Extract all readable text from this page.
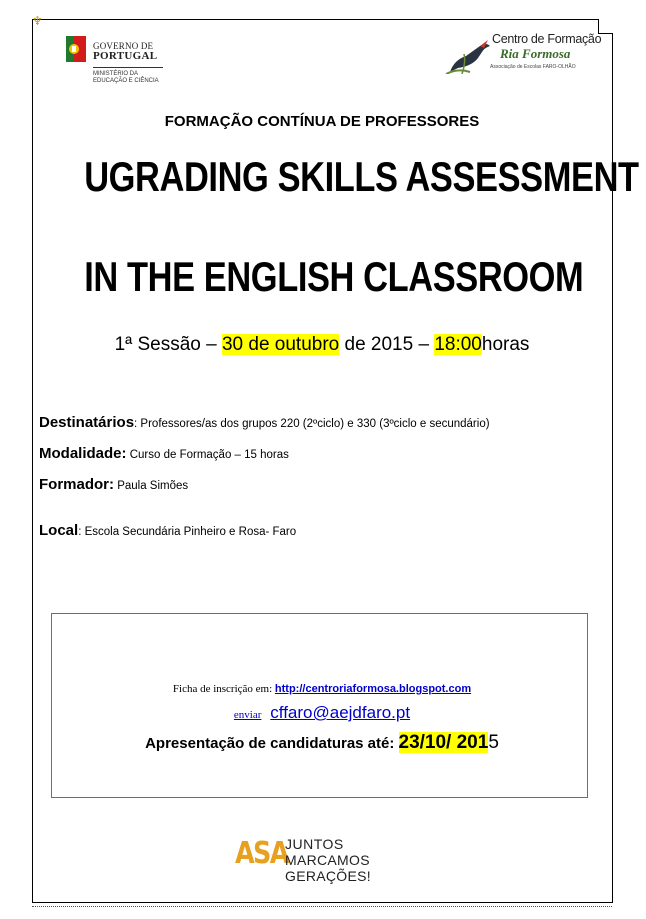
♆
GOVERNO DE
PORTUGAL
MINISTÉRIO DA EDUCAÇÃO E CIÊNCIA
Centro de Formação
Ria Formosa
Associação de Escolas FARO-OLHÃO
FORMAÇÃO CONTÍNUA DE PROFESSORES
UGRADING SKILLS ASSESSMENT
IN THE ENGLISH CLASSROOM
1ª Sessão – 30 de outubro de 2015 – 18:00horas
Destinatários: Professores/as dos grupos 220 (2ºciclo) e 330 (3ºciclo e secundário)
Modalidade: Curso de Formação – 15 horas
Formador: Paula Simões
Local: Escola Secundária Pinheiro e Rosa- Faro
Ficha de inscrição em: http://centroriaformosa.blogspot.com
enviar cffaro@aejdfaro.pt
Apresentação de candidaturas até: 23/10/ 2015
ASA
JUNTOS
MARCAMOS GERAÇÕES!
